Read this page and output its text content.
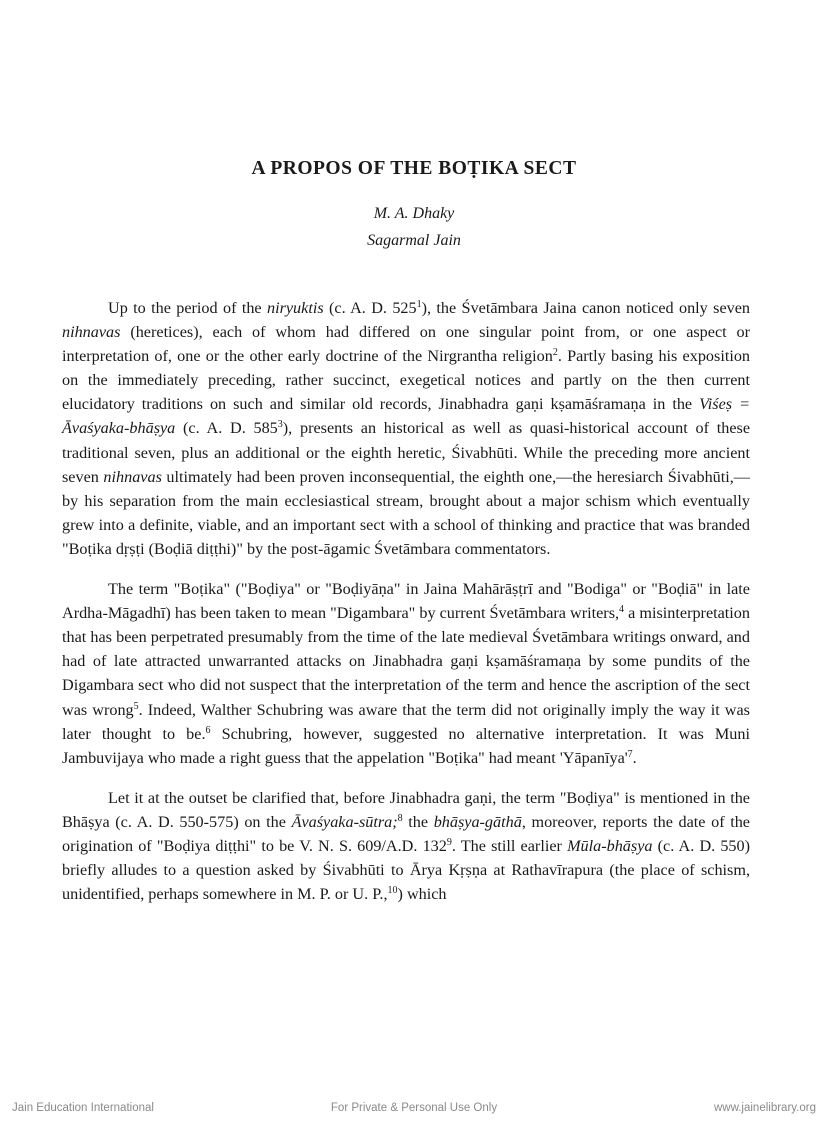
A PROPOS OF THE BOṬIKA SECT
M. A. Dhaky
Sagarmal Jain

Up to the period of the niryuktis (c. A. D. $525^1$), the Śvetāmbara Jaina canon noticed only seven nihnavas (heretices), each of whom had differed on one singular point from, or one aspect or interpretation of, one or the other early doctrine of the Nirgrantha religion$^2$. Partly basing his exposition on the immediately preceding, rather succinct, exegetical notices and partly on the then current elucidatory traditions on such and similar old records, Jinabhadra gaṇi kṣamāśramaṇa in the Viśeṣ = Āvaśyaka-bhāṣya (c. A. D. $585^3$), presents an historical as well as quasi-historical account of these traditional seven, plus an additional or the eighth heretic, Śivabhūti. While the preceding more ancient seven nihnavas ultimately had been proven inconsequential, the eighth one,—the heresiarch Śivabhūti,—by his separation from the main ecclesiastical stream, brought about a major schism which eventually grew into a definite, viable, and an important sect with a school of thinking and practice that was branded "Boṭika dṛṣṭi (Boḍiā diṭṭhi)" by the post-āgamic Śvetāmbara commentators.

The term "Boṭika" ("Boḍiya" or "Boḍiyāṇa" in Jaina Mahārāṣṭrī and "Bodiga" or "Boḍiā" in late Ardha-Māgadhī) has been taken to mean "Digambara" by current Śvetāmbara writers,$^4$ a misinterpretation that has been perpetrated presumably from the time of the late medieval Śvetāmbara writings onward, and had of late attracted unwarranted attacks on Jinabhadra gaṇi kṣamāśramaṇa by some pundits of the Digambara sect who did not suspect that the interpretation of the term and hence the ascription of the sect was wrong$^5$. Indeed, Walther Schubring was aware that the term did not originally imply the way it was later thought to be.$^6$ Schubring, however, suggested no alternative interpretation. It was Muni Jambuvijaya who made a right guess that the appelation "Boṭika" had meant '$Yāpanīya'^7$.

Let it at the outset be clarified that, before Jinabhadra gaṇi, the term "Boḍiya" is mentioned in the Bhāṣya (c. A. D. 550-575) on the Āvaśyaka-sūtra;$^8$ the bhāṣya-gāthā, moreover, reports the date of the origination of "Boḍiya diṭṭhi" to be V. N. S. 609/A.D. $132^9$. The still earlier Mūla-bhāṣya (c. A. D. 550) briefly alludes to a question asked by Śivabhūti to Ārya Kṛṣṇa at Rathavīrapura (the place of schism, unidentified, perhaps somewhere in M. P. or U. P.,$^{10}$) which

Jain Education International	For Private & Personal Use Only	www.jainelibrary.org
